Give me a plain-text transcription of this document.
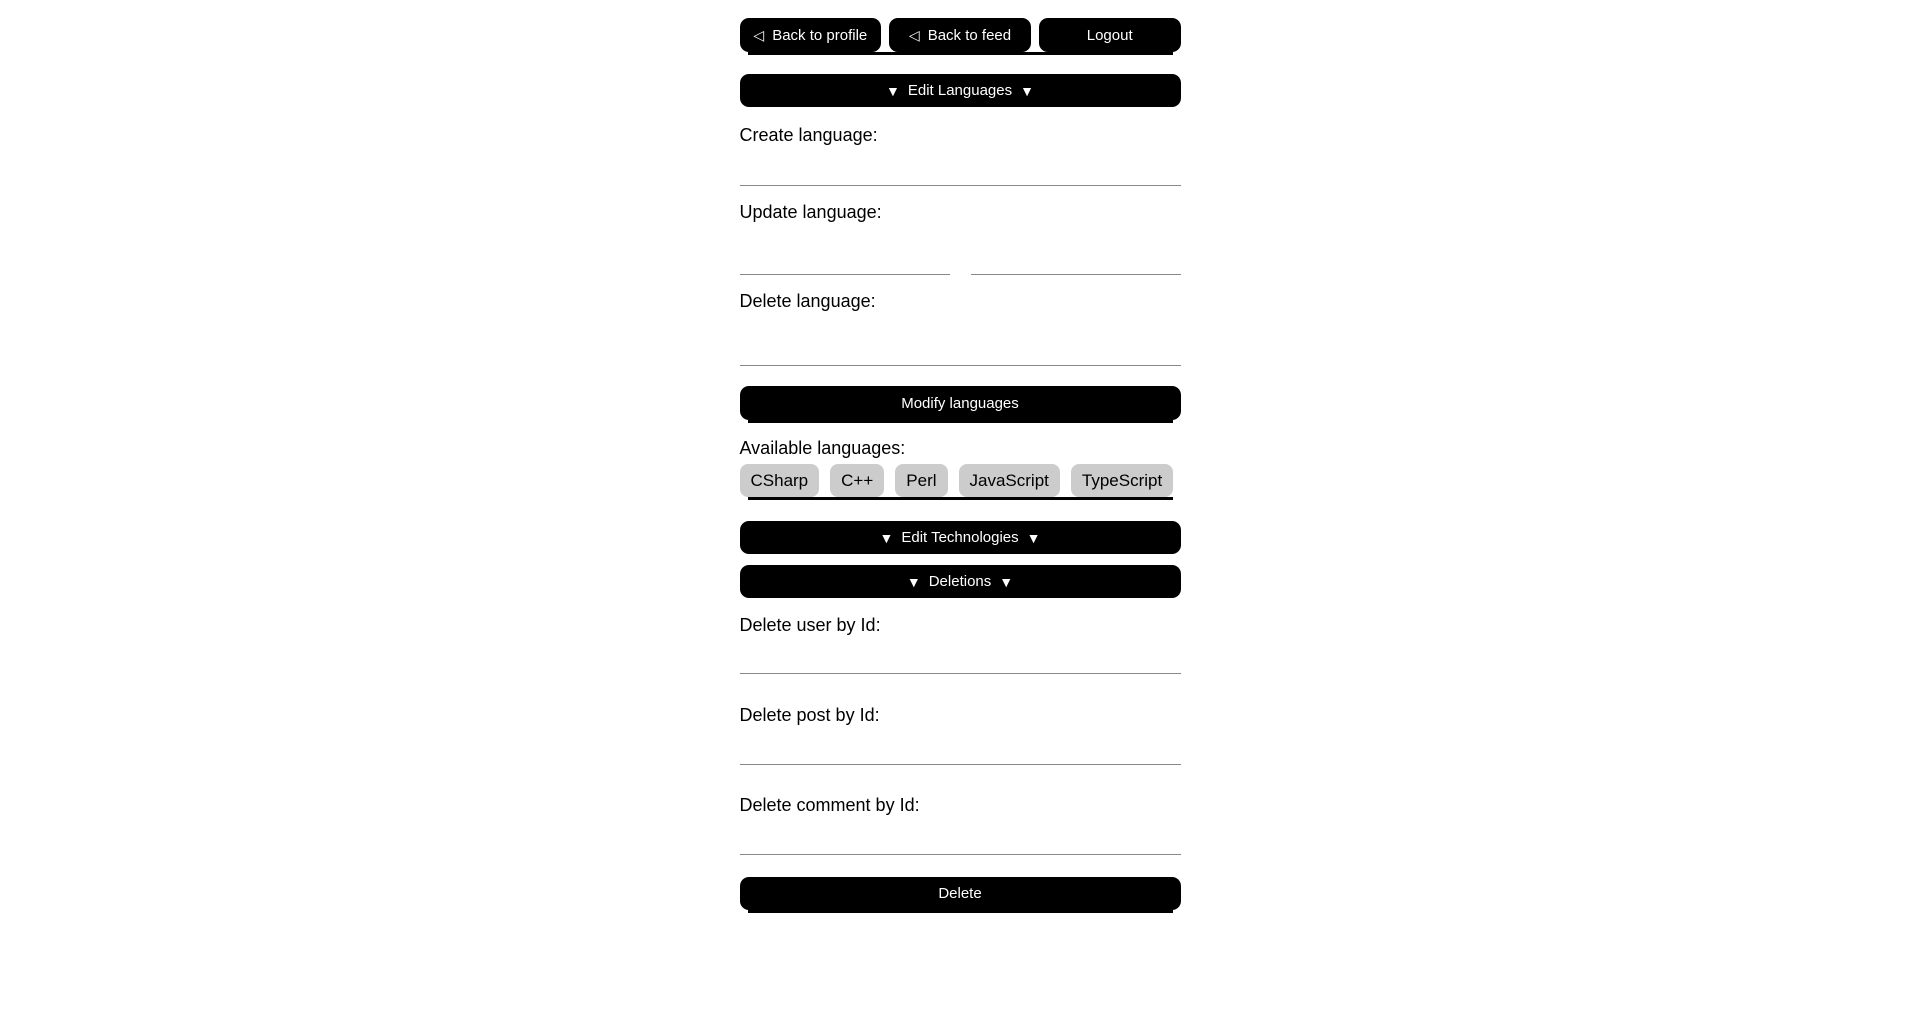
◁ Back to profile	◁ Back to feed	Logout
▼ Edit Languages ▼
Create language:
Update language:
Delete language:
Modify languages
Available languages:
CSharp	C++	Perl	JavaScript	TypeScript
▼ Edit Technologies ▼
▼ Deletions ▼
Delete user by Id:
Delete post by Id:
Delete comment by Id:
Delete
